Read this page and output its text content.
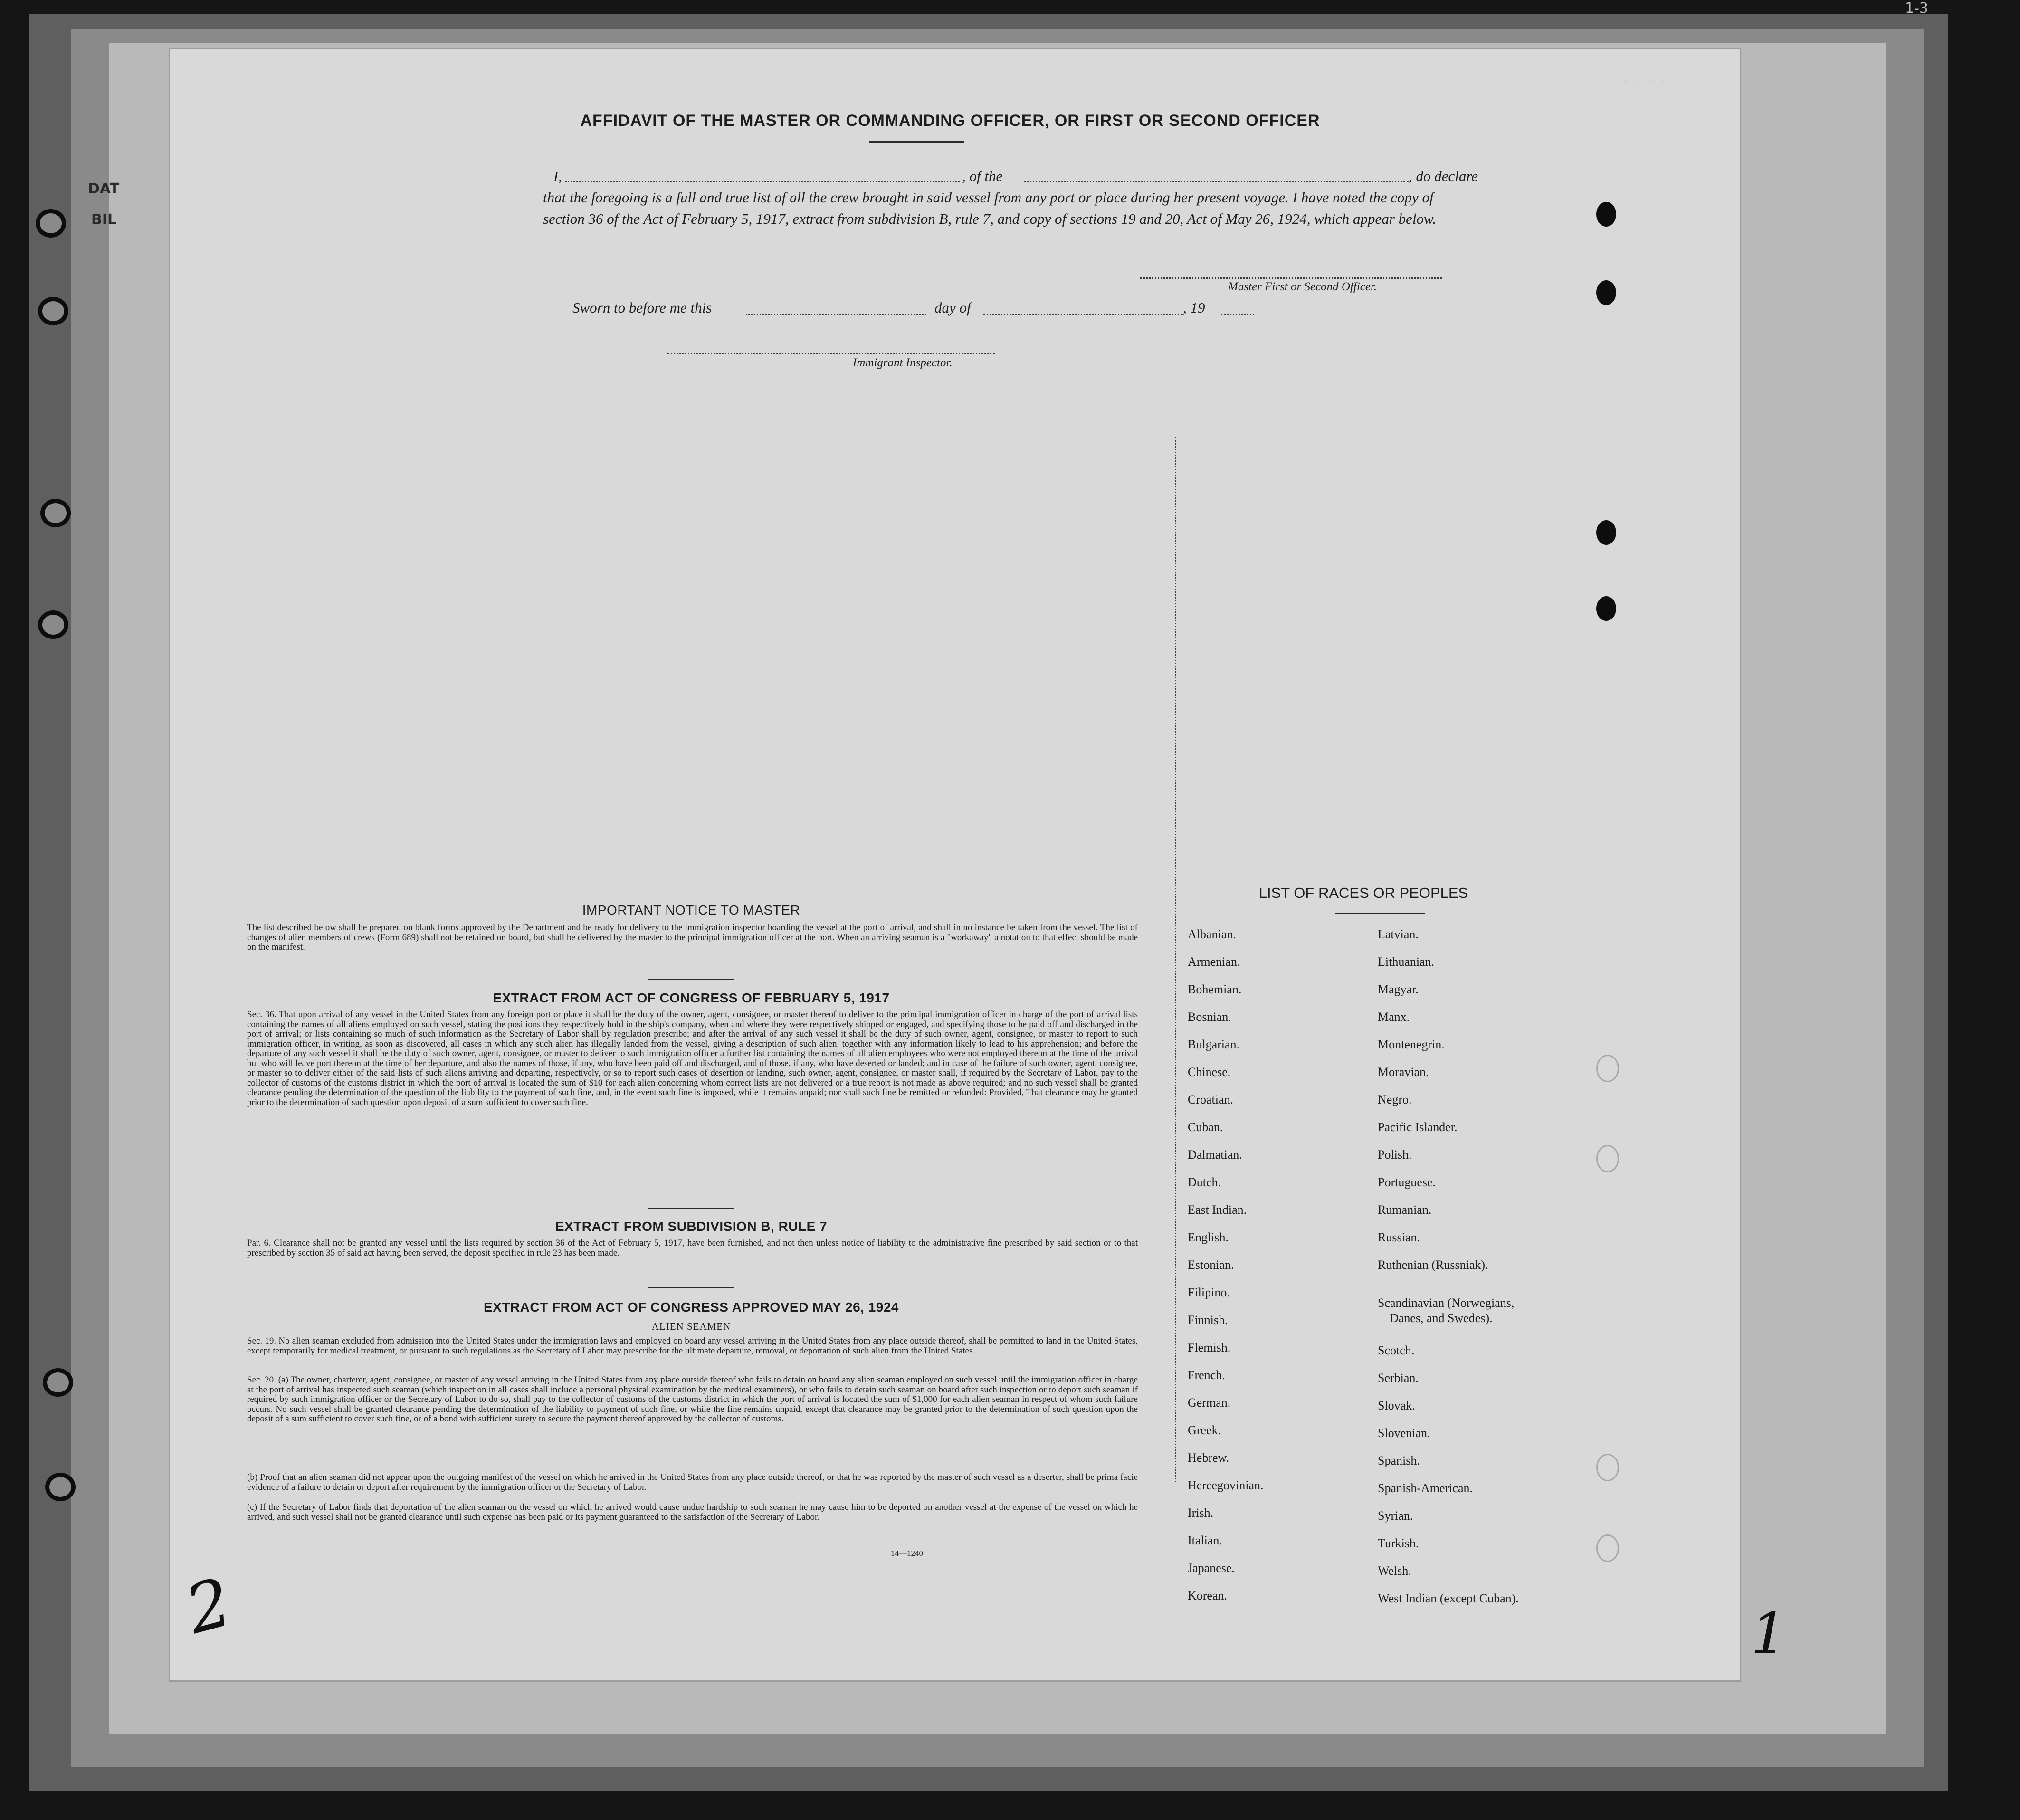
DAT
BIL
1-3
- - - -
AFFIDAVIT OF THE MASTER OR COMMANDING OFFICER, OR FIRST OR SECOND OFFICER
I,	, of the	, do declare
that the foregoing is a full and true list of all the crew brought in said vessel from any port or place during her present voyage. I have noted the copy of section 36 of the Act of February 5, 1917, extract from subdivision B, rule 7, and copy of sections 19 and 20, Act of May 26, 1924, which appear below.
Master First or Second Officer.
Sworn to before me this	day of	, 19
Immigrant Inspector.
IMPORTANT NOTICE TO MASTER
The list described below shall be prepared on blank forms approved by the Department and be ready for delivery to the immigration inspector boarding the vessel at the port of arrival, and shall in no instance be taken from the vessel. The list of changes of alien members of crews (Form 689) shall not be retained on board, but shall be delivered by the master to the principal immigration officer at the port. When an arriving seaman is a "workaway" a notation to that effect should be made on the manifest.
EXTRACT FROM ACT OF CONGRESS OF FEBRUARY 5, 1917
Sec. 36. That upon arrival of any vessel in the United States from any foreign port or place it shall be the duty of the owner, agent, consignee, or master thereof to deliver to the principal immigration officer in charge of the port of arrival lists containing the names of all aliens employed on such vessel, stating the positions they respectively hold in the ship's company, when and where they were respectively shipped or engaged, and specifying those to be paid off and discharged in the port of arrival; or lists containing so much of such information as the Secretary of Labor shall by regulation prescribe; and after the arrival of any such vessel it shall be the duty of such owner, agent, consignee, or master to report to such immigration officer, in writing, as soon as discovered, all cases in which any such alien has illegally landed from the vessel, giving a description of such alien, together with any information likely to lead to his apprehension; and before the departure of any such vessel it shall be the duty of such owner, agent, consignee, or master to deliver to such immigration officer a further list containing the names of all alien employees who were not employed thereon at the time of the arrival but who will leave port thereon at the time of her departure, and also the names of those, if any, who have been paid off and discharged, and of those, if any, who have deserted or landed; and in case of the failure of such owner, agent, consignee, or master so to deliver either of the said lists of such aliens arriving and departing, respectively, or so to report such cases of desertion or landing, such owner, agent, consignee, or master shall, if required by the Secretary of Labor, pay to the collector of customs of the customs district in which the port of arrival is located the sum of $10 for each alien concerning whom correct lists are not delivered or a true report is not made as above required; and no such vessel shall be granted clearance pending the determination of the question of the liability to the payment of such fine, and, in the event such fine is imposed, while it remains unpaid; nor shall such fine be remitted or refunded: Provided, That clearance may be granted prior to the determination of such question upon deposit of a sum sufficient to cover such fine.
EXTRACT FROM SUBDIVISION B, RULE 7
Par. 6. Clearance shall not be granted any vessel until the lists required by section 36 of the Act of February 5, 1917, have been furnished, and not then unless notice of liability to the administrative fine prescribed by said section or to that prescribed by section 35 of said act having been served, the deposit specified in rule 23 has been made.
EXTRACT FROM ACT OF CONGRESS APPROVED MAY 26, 1924
ALIEN SEAMEN
Sec. 19. No alien seaman excluded from admission into the United States under the immigration laws and employed on board any vessel arriving in the United States from any place outside thereof, shall be permitted to land in the United States, except temporarily for medical treatment, or pursuant to such regulations as the Secretary of Labor may prescribe for the ultimate departure, removal, or deportation of such alien from the United States.
Sec. 20. (a) The owner, charterer, agent, consignee, or master of any vessel arriving in the United States from any place outside thereof who fails to detain on board any alien seaman employed on such vessel until the immigration officer in charge at the port of arrival has inspected such seaman (which inspection in all cases shall include a personal physical examination by the medical examiners), or who fails to detain such seaman on board after such inspection or to deport such seaman if required by such immigration officer or the Secretary of Labor to do so, shall pay to the collector of customs of the customs district in which the port of arrival is located the sum of $1,000 for each alien seaman in respect of whom such failure occurs. No such vessel shall be granted clearance pending the determination of the liability to payment of such fine, or while the fine remains unpaid, except that clearance may be granted prior to the determination of such question upon the deposit of a sum sufficient to cover such fine, or of a bond with sufficient surety to secure the payment thereof approved by the collector of customs.
(b) Proof that an alien seaman did not appear upon the outgoing manifest of the vessel on which he arrived in the United States from any place outside thereof, or that he was reported by the master of such vessel as a deserter, shall be prima facie evidence of a failure to detain or deport after requirement by the immigration officer or the Secretary of Labor.
(c) If the Secretary of Labor finds that deportation of the alien seaman on the vessel on which he arrived would cause undue hardship to such seaman he may cause him to be deported on another vessel at the expense of the vessel on which he arrived, and such vessel shall not be granted clearance until such expense has been paid or its payment guaranteed to the satisfaction of the Secretary of Labor.
14—1240
LIST OF RACES OR PEOPLES
Albanian.
Armenian.
Bohemian.
Bosnian.
Bulgarian.
Chinese.
Croatian.
Cuban.
Dalmatian.
Dutch.
East Indian.
English.
Estonian.
Filipino.
Finnish.
Flemish.
French.
German.
Greek.
Hebrew.
Hercegovinian.
Irish.
Italian.
Japanese.
Korean.
Latvian.
Lithuanian.
Magyar.
Manx.
Montenegrin.
Moravian.
Negro.
Pacific Islander.
Polish.
Portuguese.
Rumanian.
Russian.
Ruthenian (Russniak).
Scandinavian (Norwegians,
Danes, and Swedes).
Scotch.
Serbian.
Slovak.
Slovenian.
Spanish.
Spanish-American.
Syrian.
Turkish.
Welsh.
West Indian (except Cuban).
1
2
